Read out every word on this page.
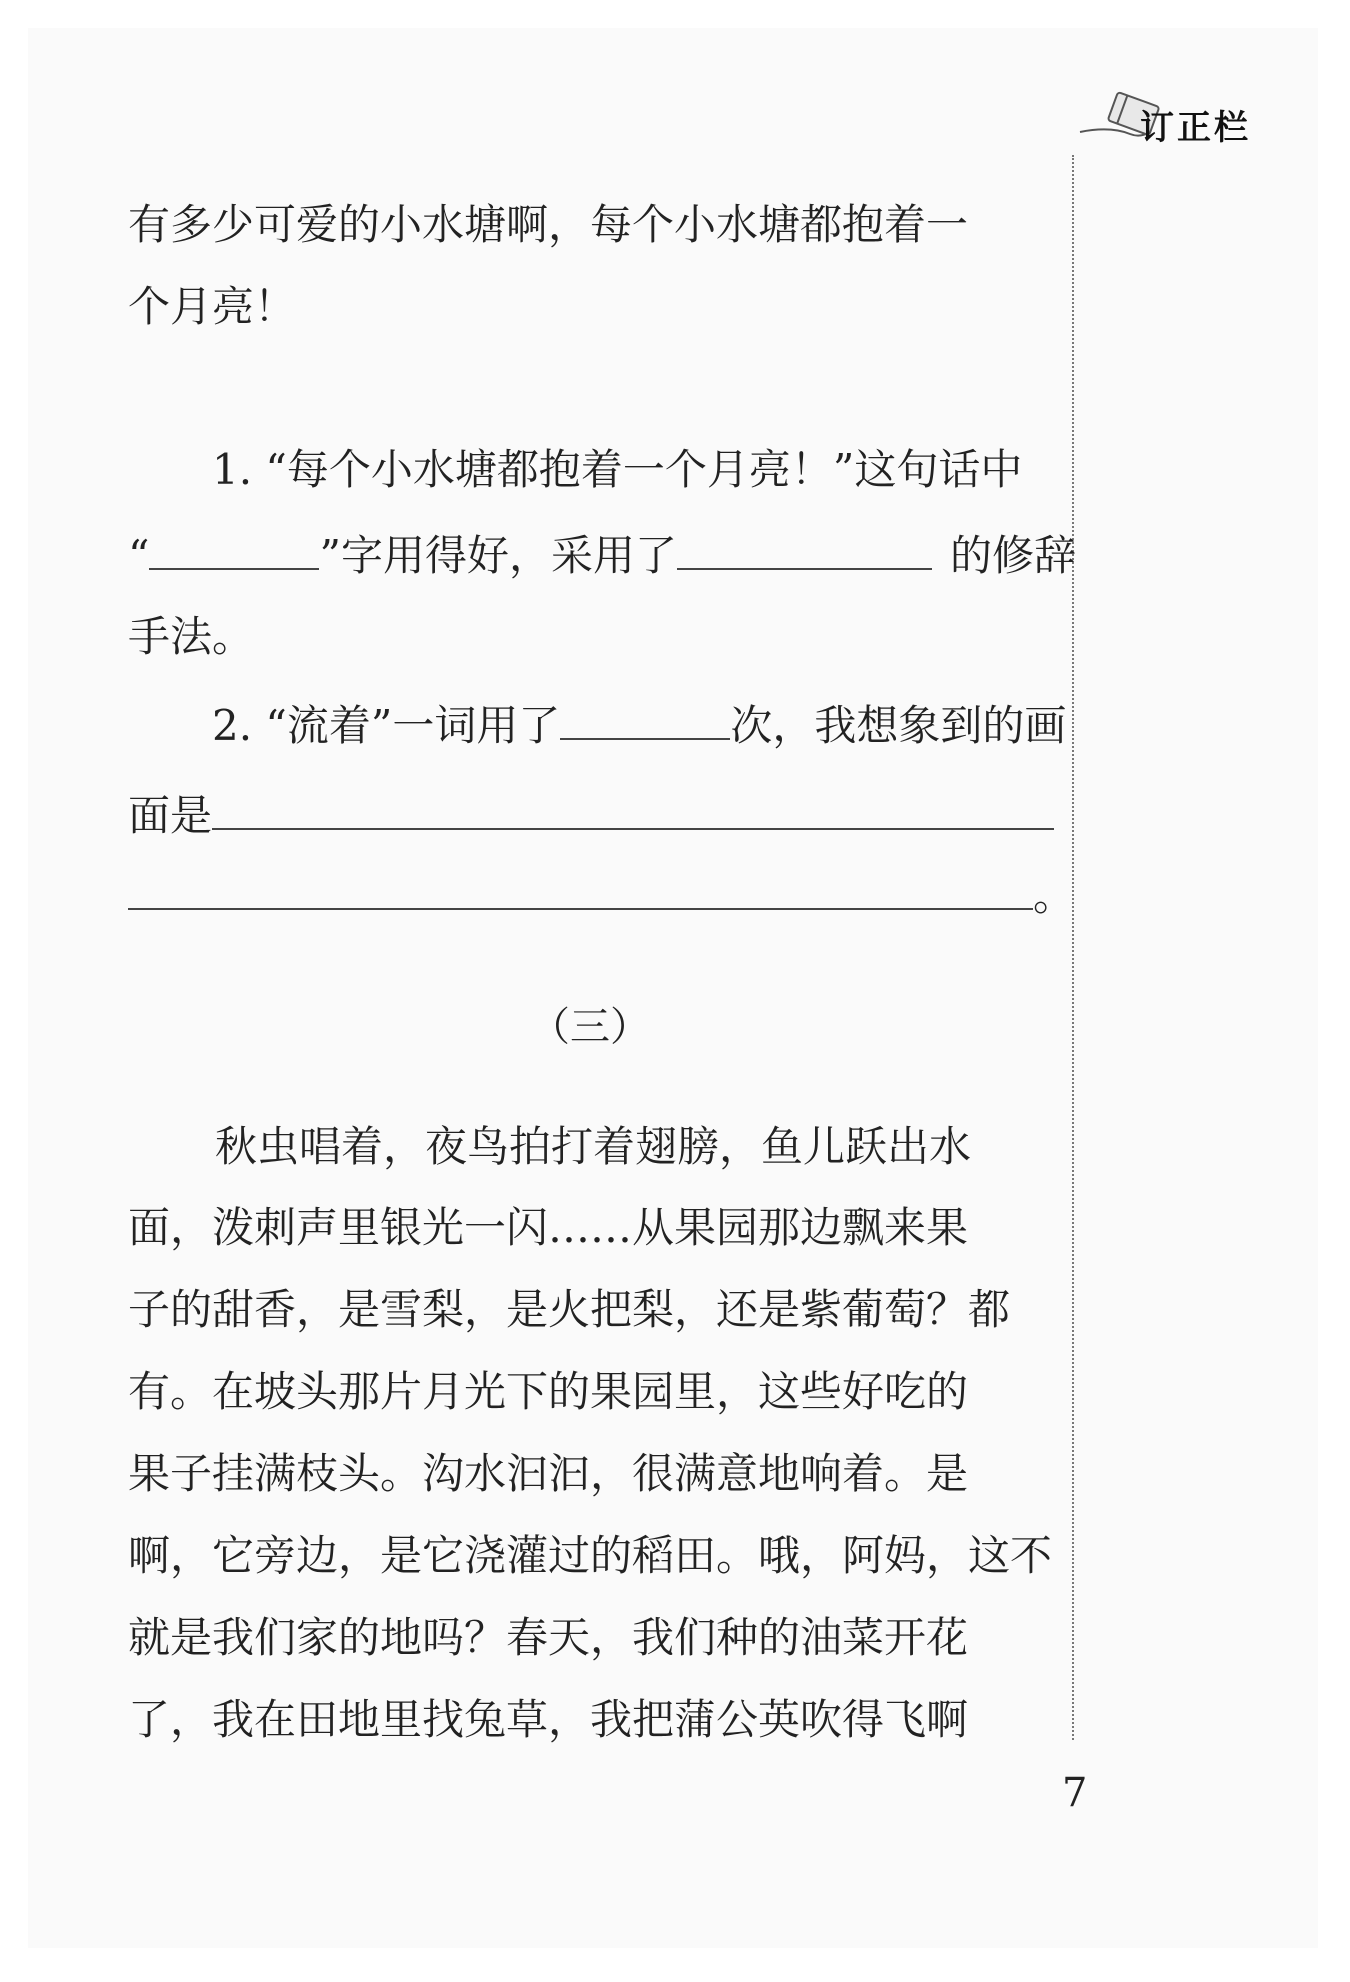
订正栏
有多少可爱的小水塘啊，每个小水塘都抱着一
个月亮！
1. “每个小水塘都抱着一个月亮！”这句话中
“	”字用得好，采用了	的修辞
手法。
2. “流着”一词用了	次，我想象到的画
面是
。
（三）
秋虫唱着，夜鸟拍打着翅膀，鱼儿跃出水
面，泼刺声里银光一闪……从果园那边飘来果
子的甜香，是雪梨，是火把梨，还是紫葡萄？都
有。在坡头那片月光下的果园里，这些好吃的
果子挂满枝头。沟水汩汩，很满意地响着。是
啊，它旁边，是它浇灌过的稻田。哦，阿妈，这不
就是我们家的地吗？春天，我们种的油菜开花
了，我在田地里找兔草，我把蒲公英吹得飞啊
7
